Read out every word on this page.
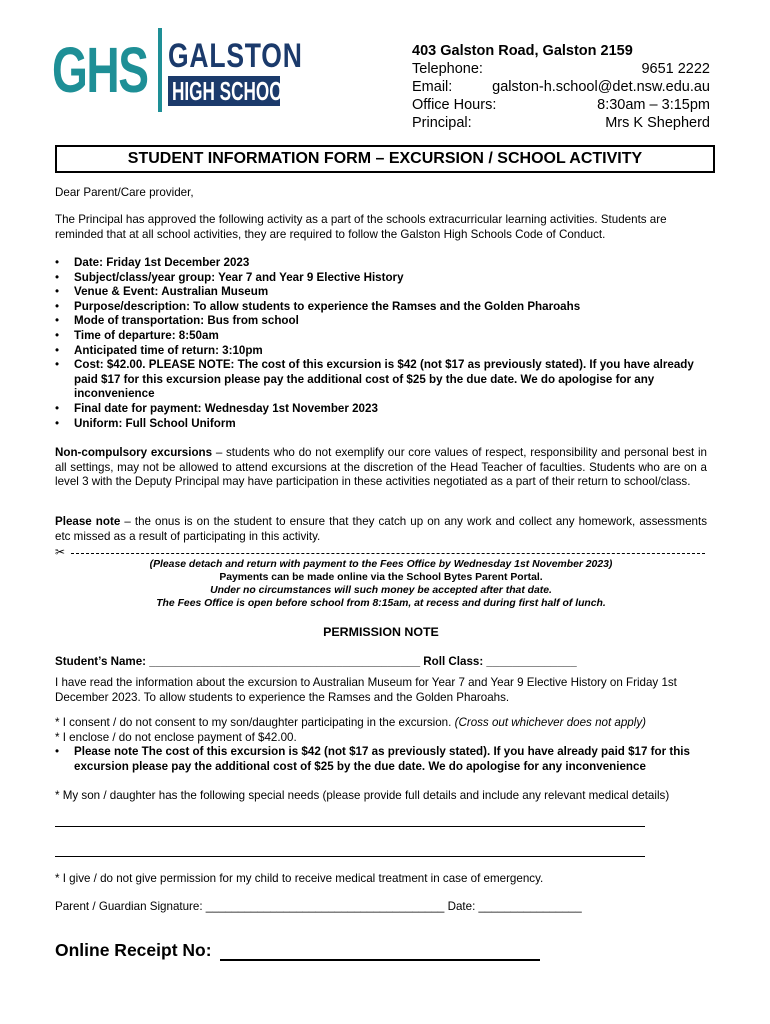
GHS GALSTON
HIGH SCHOOL
403 Galston Road, Galston 2159
Telephone:	9651 2222
Email:	galston-h.school@det.nsw.edu.au
Office Hours:	8:30am – 3:15pm
Principal:	Mrs K Shepherd
STUDENT INFORMATION FORM – EXCURSION / SCHOOL ACTIVITY
Dear Parent/Care provider,
The Principal has approved the following activity as a part of the schools extracurricular learning activities. Students are reminded that at all school activities, they are required to follow the Galston High Schools Code of Conduct.
• Date: Friday 1st December 2023
• Subject/class/year group: Year 7 and Year 9 Elective History
• Venue & Event: Australian Museum
• Purpose/description: To allow students to experience the Ramses and the Golden Pharoahs
• Mode of transportation: Bus from school
• Time of departure: 8:50am
• Anticipated time of return: 3:10pm
• Cost: $42.00. PLEASE NOTE: The cost of this excursion is $42 (not $17 as previously stated). If you have already paid $17 for this excursion please pay the additional cost of $25 by the due date. We do apologise for any inconvenience
• Final date for payment: Wednesday 1st November 2023
• Uniform: Full School Uniform
Non-compulsory excursions – students who do not exemplify our core values of respect, responsibility and personal best in all settings, may not be allowed to attend excursions at the discretion of the Head Teacher of faculties. Students who are on a level 3 with the Deputy Principal may have participation in these activities negotiated as a part of their return to school/class.
Please note – the onus is on the student to ensure that they catch up on any work and collect any homework, assessments etc missed as a result of participating in this activity.
✂
(Please detach and return with payment to the Fees Office by Wednesday 1st November 2023)
Payments can be made online via the School Bytes Parent Portal.
Under no circumstances will such money be accepted after that date.
The Fees Office is open before school from 8:15am, at recess and during first half of lunch.
PERMISSION NOTE
Student’s Name: __________________________________________ Roll Class: ______________
I have read the information about the excursion to Australian Museum for Year 7 and Year 9 Elective History on Friday 1st December 2023. To allow students to experience the Ramses and the Golden Pharoahs.
* I consent / do not consent to my son/daughter participating in the excursion. (Cross out whichever does not apply)
* I enclose / do not enclose payment of $42.00.
• Please note The cost of this excursion is $42 (not $17 as previously stated). If you have already paid $17 for this excursion please pay the additional cost of $25 by the due date. We do apologise for any inconvenience
* My son / daughter has the following special needs (please provide full details and include any relevant medical details)
* I give / do not give permission for my child to receive medical treatment in case of emergency.
Parent / Guardian Signature: _____________________________________ Date: ________________
Online Receipt No:
